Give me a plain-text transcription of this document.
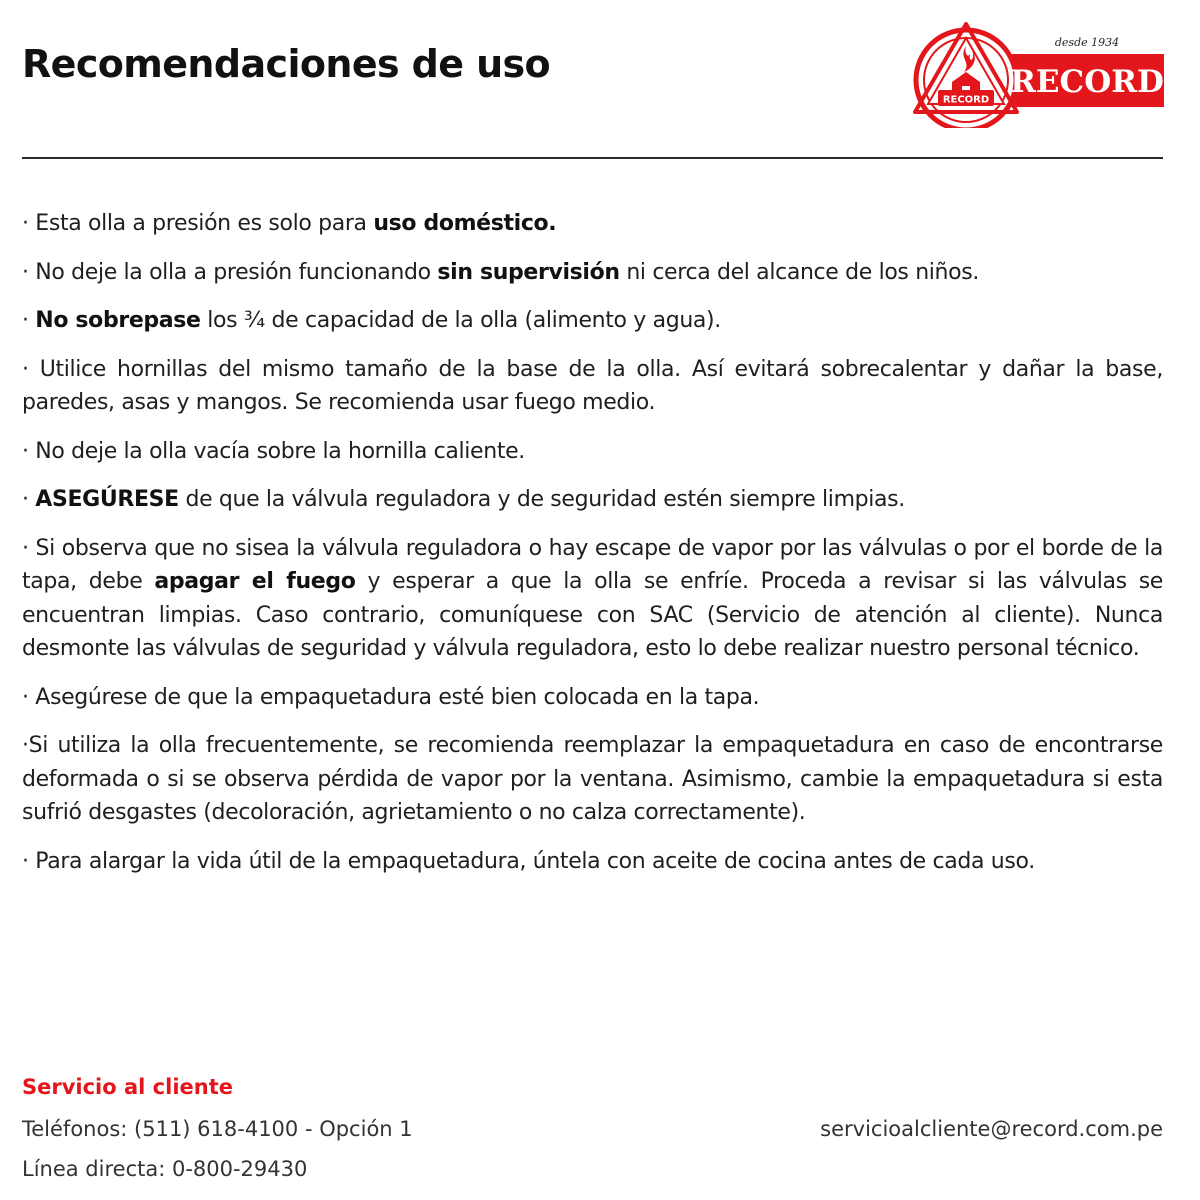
Recomendaciones de uso	desde 1934
RECORD RECORD

· Esta olla a presión es solo para uso doméstico.

· No deje la olla a presión funcionando sin supervisión ni cerca del alcance de los niños.

· No sobrepase los ¾ de capacidad de la olla (alimento y agua).

· Utilice hornillas del mismo tamaño de la base de la olla. Así evitará sobrecalentar y dañar la base, paredes, asas y mangos. Se recomienda usar fuego medio.

· No deje la olla vacía sobre la hornilla caliente.

· ASEGÚRESE de que la válvula reguladora y de seguridad estén siempre limpias.

· Si observa que no sisea la válvula reguladora o hay escape de vapor por las válvulas o por el borde de la tapa, debe apagar el fuego y esperar a que la olla se enfríe. Proceda a revisar si las válvulas se encuentran limpias. Caso contrario, comuníquese con SAC (Servicio de atención al cliente). Nunca desmonte las válvulas de seguridad y válvula reguladora, esto lo debe realizar nuestro personal técnico.

· Asegúrese de que la empaquetadura esté bien colocada en la tapa.

·Si utiliza la olla frecuentemente, se recomienda reemplazar la empaquetadura en caso de encontrarse deformada o si se observa pérdida de vapor por la ventana. Asimismo, cambie la empaquetadura si esta sufrió desgastes (decoloración, agrietamiento o no calza correctamente).

· Para alargar la vida útil de la empaquetadura, úntela con aceite de cocina antes de cada uso.

Servicio al cliente
Teléfonos: (511) 618-4100 - Opción 1	servicioalcliente@record.com.pe
Línea directa: 0-800-29430
